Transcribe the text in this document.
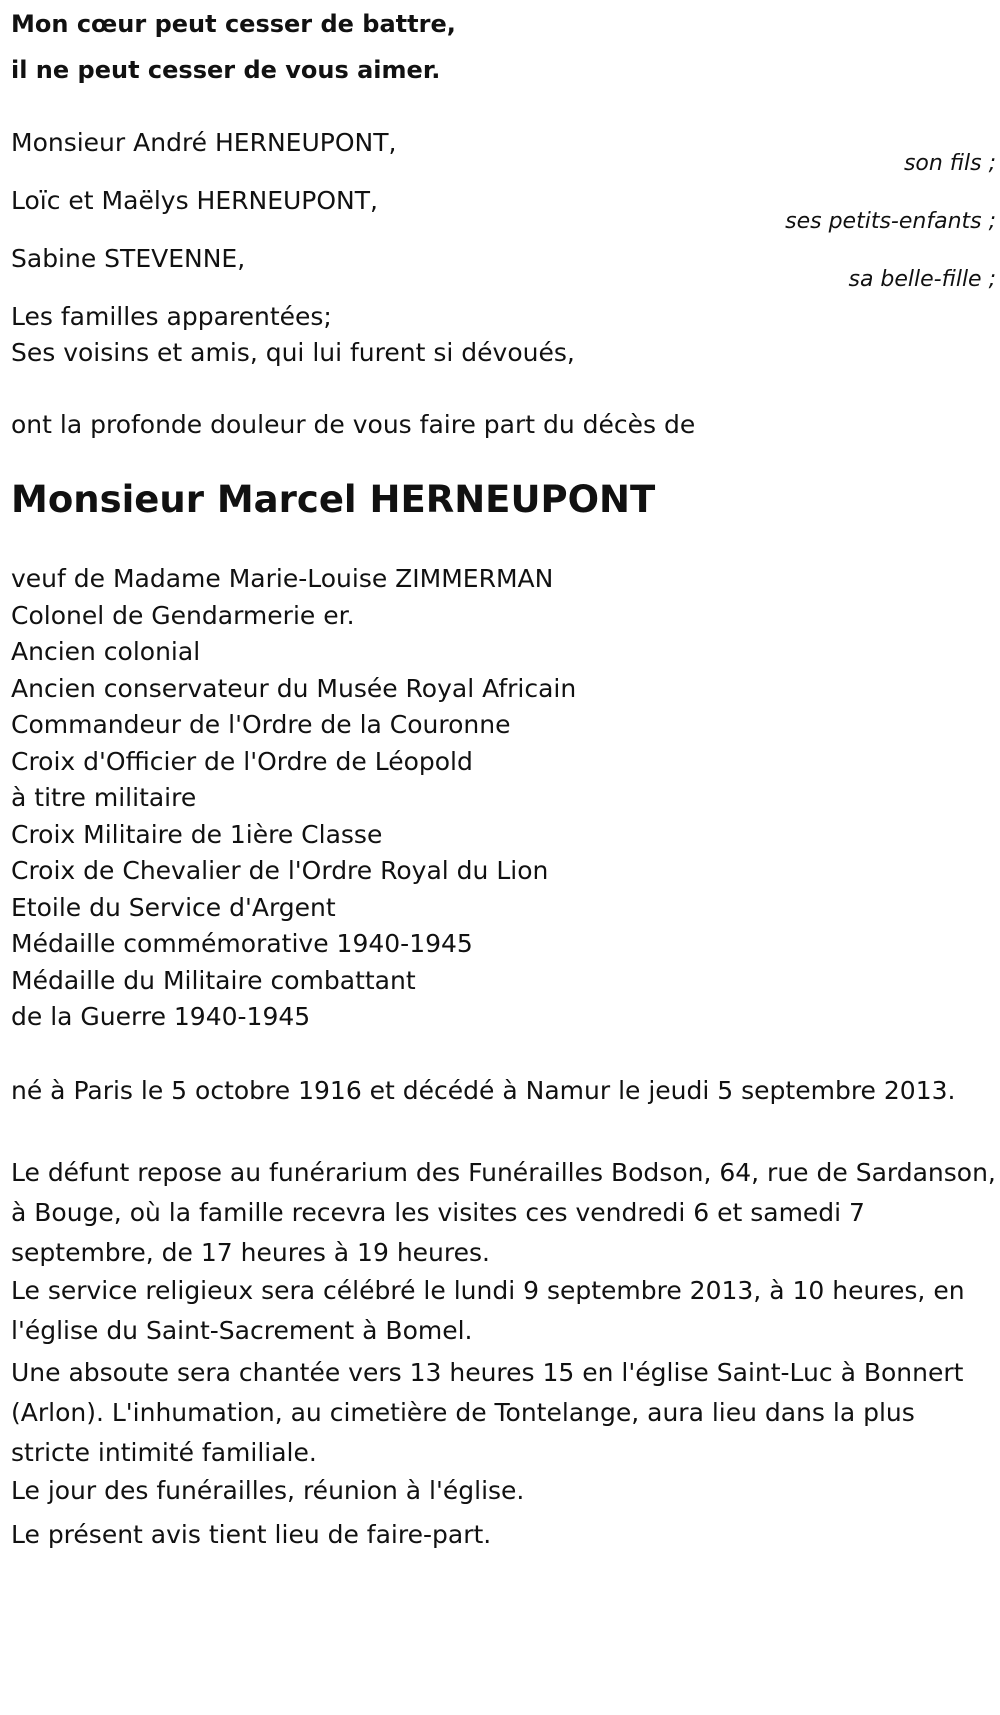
Mon cœur peut cesser de battre,
il ne peut cesser de vous aimer.
Monsieur André HERNEUPONT,
son fils ;
Loïc et Maëlys HERNEUPONT,
ses petits-enfants ;
Sabine STEVENNE,
sa belle-fille ;
Les familles apparentées;
Ses voisins et amis, qui lui furent si dévoués,
ont la profonde douleur de vous faire part du décès de
Monsieur Marcel HERNEUPONT
veuf de Madame Marie-Louise ZIMMERMAN
Colonel de Gendarmerie er.
Ancien colonial
Ancien conservateur du Musée Royal Africain
Commandeur de l'Ordre de la Couronne
Croix d'Officier de l'Ordre de Léopold
à titre militaire
Croix Militaire de 1ière Classe
Croix de Chevalier de l'Ordre Royal du Lion
Etoile du Service d'Argent
Médaille commémorative 1940-1945
Médaille du Militaire combattant
de la Guerre 1940-1945
né à Paris le 5 octobre 1916 et décédé à Namur le jeudi 5 septembre 2013.
Le défunt repose au funérarium des Funérailles Bodson, 64, rue de Sardanson, à Bouge, où la famille recevra les visites ces vendredi 6 et samedi 7 septembre, de 17 heures à 19 heures.
Le service religieux sera célébré le lundi 9 septembre 2013, à 10 heures, en l'église du Saint-Sacrement à Bomel.
Une absoute sera chantée vers 13 heures 15 en l'église Saint-Luc à Bonnert (Arlon). L'inhumation, au cimetière de Tontelange, aura lieu dans la plus stricte intimité familiale.
Le jour des funérailles, réunion à l'église.
Le présent avis tient lieu de faire-part.
